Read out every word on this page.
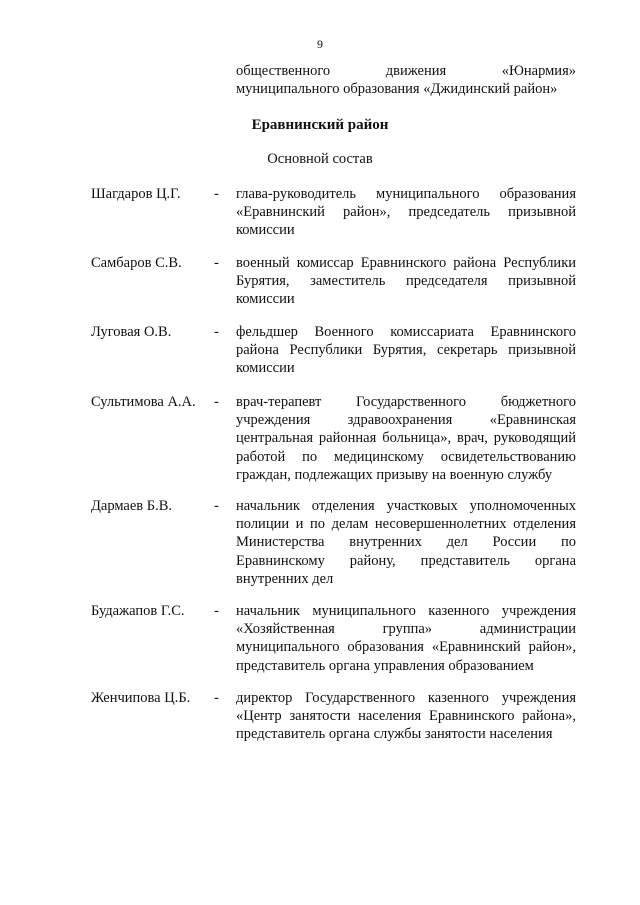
9
общественного движения «Юнармия»
муниципального образования «Джидинский район»
Еравнинский район
Основной состав
Шагдаров Ц.Г. - глава-руководитель муниципального образования «Еравнинский район», председатель призывной комиссии
Самбаров С.В. - военный комиссар Еравнинского района Республики Бурятия, заместитель председателя призывной комиссии
Луговая О.В.	- фельдшер Военного комиссариата Еравнинского района Республики Бурятия, секретарь призывной комиссии
Сультимова А.А. - врач-терапевт Государственного бюджетного учреждения здравоохранения «Еравнинская центральная районная больница», врач, руководящий работой по медицинскому освидетельствованию граждан, подлежащих призыву на военную службу
Дармаев Б.В.	- начальник отделения участковых уполномоченных полиции и по делам несовершеннолетних отделения Министерства внутренних дел России по Еравнинскому району, представитель органа внутренних дел
Будажапов Г.С. - начальник муниципального казенного учреждения «Хозяйственная группа» администрации муниципального образования «Еравнинский район», представитель органа управления образованием
Женчипова Ц.Б. - директор Государственного казенного учреждения «Центр занятости населения Еравнинского района», представитель органа службы занятости населения
